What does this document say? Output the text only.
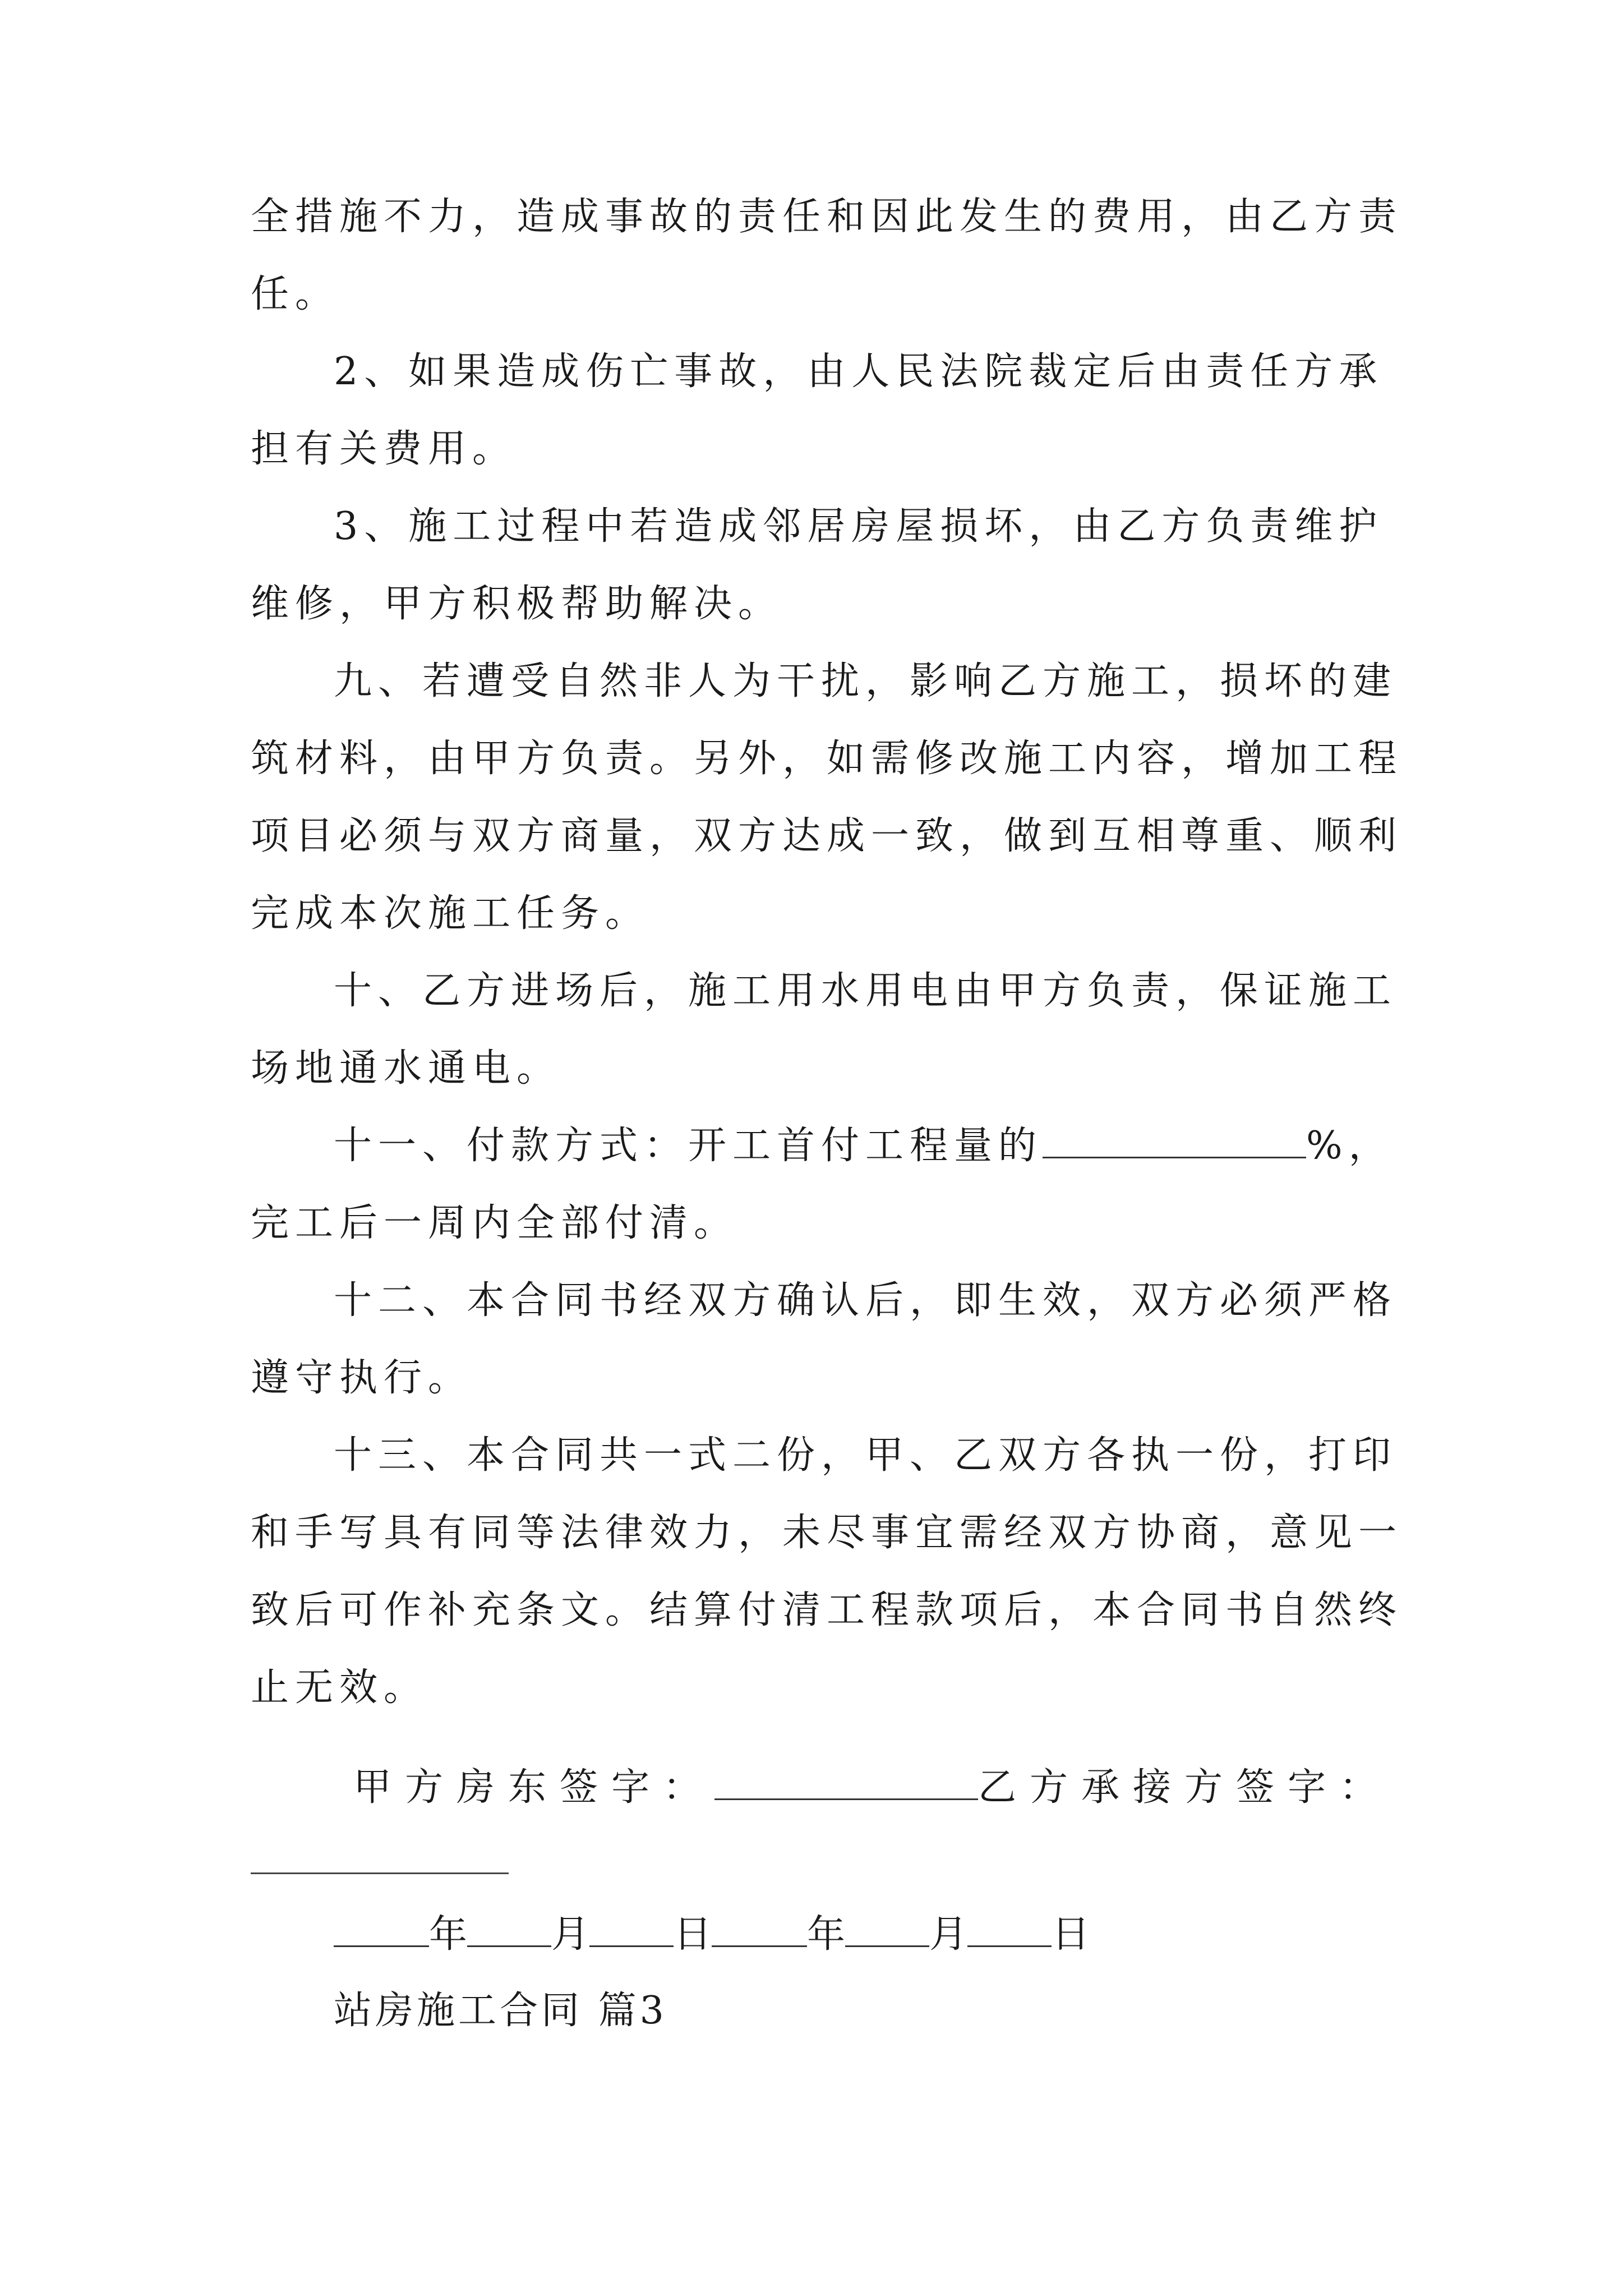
全措施不力，造成事故的责任和因此发生的费用，由乙方责
任。
2、如果造成伤亡事故，由人民法院裁定后由责任方承
担有关费用。
3、施工过程中若造成邻居房屋损坏，由乙方负责维护
维修，甲方积极帮助解决。
九、若遭受自然非人为干扰，影响乙方施工，损坏的建
筑材料，由甲方负责。另外，如需修改施工内容，增加工程
项目必须与双方商量，双方达成一致，做到互相尊重、顺利
完成本次施工任务。
十、乙方进场后，施工用水用电由甲方负责，保证施工
场地通水通电。
十一、付款方式：开工首付工程量的	%，
完工后一周内全部付清。
十二、本合同书经双方确认后，即生效，双方必须严格
遵守执行。
十三、本合同共一式二份，甲、乙双方各执一份，打印
和手写具有同等法律效力，未尽事宜需经双方协商，意见一
致后可作补充条文。结算付清工程款项后，本合同书自然终
止无效。
甲方房东签字：	乙方承接方签字：
年 月 日	年 月 日
站房施工合同 篇3
